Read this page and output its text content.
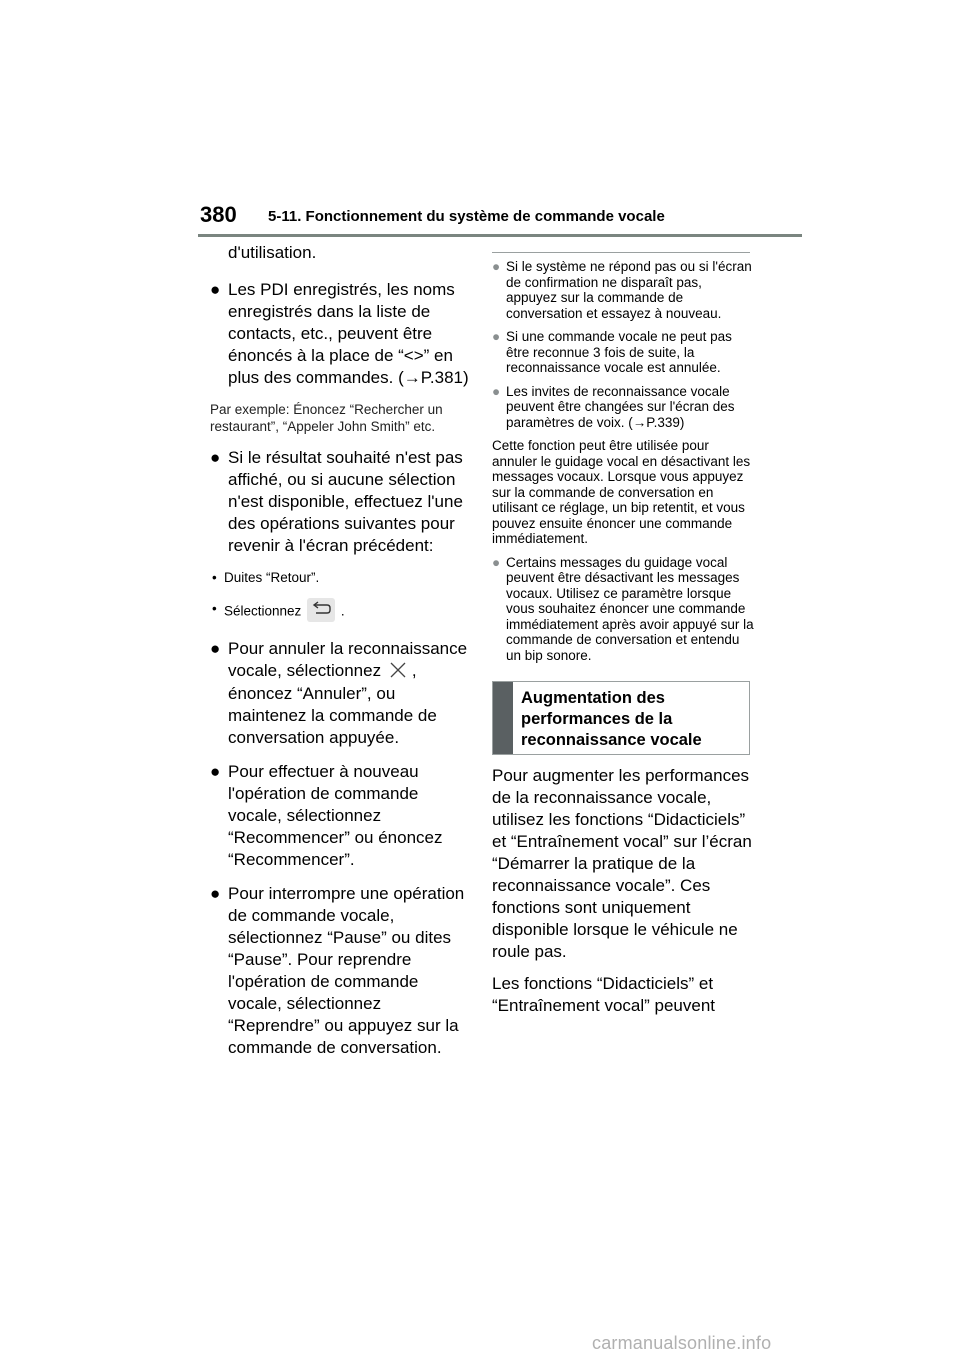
380 5-11. Fonctionnement du système de commande vocale
d'utilisation.
● Les PDI enregistrés, les noms enregistrés dans la liste de contacts, etc., peuvent être énoncés à la place de “<>” en plus des commandes. (→P.381)
Par exemple: Énoncez “Rechercher un restaurant”, “Appeler John Smith” etc.
● Si le résultat souhaité n'est pas affiché, ou si aucune sélection n'est disponible, effectuez l'une des opérations suivantes pour revenir à l'écran précédent:
• Duites “Retour”.
• Sélectionnez	.
● Pour annuler la reconnaissance vocale, sélectionnez , énoncez “Annuler”, ou maintenez la commande de conversation appuyée.
● Pour effectuer à nouveau l'opération de commande vocale, sélectionnez “Recommencer” ou énoncez “Recommencer”.
● Pour interrompre une opération de commande vocale, sélectionnez “Pause” ou dites “Pause”. Pour reprendre l'opération de commande vocale, sélectionnez “Reprendre” ou appuyez sur la commande de conversation.
● Si le système ne répond pas ou si l'écran de confirmation ne disparaît pas, appuyez sur la commande de conversation et essayez à nouveau.
● Si une commande vocale ne peut pas être reconnue 3 fois de suite, la reconnaissance vocale est annulée.
● Les invites de reconnaissance vocale peuvent être changées sur l'écran des paramètres de voix. (→P.339)
Cette fonction peut être utilisée pour annuler le guidage vocal en désactivant les messages vocaux. Lorsque vous appuyez sur la commande de conversation en utilisant ce réglage, un bip retentit, et vous pouvez ensuite énoncer une commande immédiatement.
● Certains messages du guidage vocal peuvent être désactivant les messages vocaux. Utilisez ce paramètre lorsque vous souhaitez énoncer une commande immédiatement après avoir appuyé sur la commande de conversation et entendu un bip sonore.
Augmentation des performances de la reconnaissance vocale
Pour augmenter les performances de la reconnaissance vocale, utilisez les fonctions “Didacticiels” et “Entraînement vocal” sur l’écran “Démarrer la pratique de la reconnaissance vocale”. Ces fonctions sont uniquement disponible lorsque le véhicule ne roule pas.
Les fonctions “Didacticiels” et “Entraînement vocal” peuvent
carmanualsonline.info
